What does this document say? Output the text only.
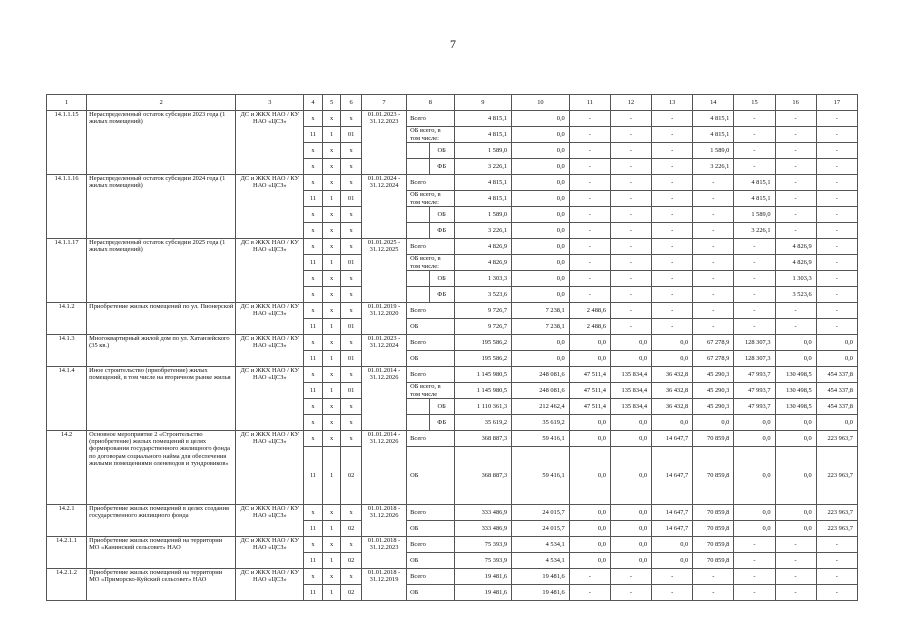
7
1	2	3	4	5	6	7	8		9	10	11	12	13	14	15	16	17
14.1.1.15	Нераспределенный остаток субсидии 2023 года (1 жилых помещений)	ДС и ЖКХ НАО / КУ НАО «ЦСЗ»	х	х	х	01.01.2023 - 31.12.2023	Всего		4 815,1	0,0	-	-	-	4 815,1	-	-	-
			11	1	01		ОБ всего, в том числе:		4 815,1	0,0	-	-	-	4 815,1	-	-	-
			х	х	х			ОБ	1 589,0	0,0	-	-	-	1 589,0	-	-	-
			х	х	х			ФБ	3 226,1	0,0	-	-	-	3 226,1	-	-	-
14.1.1.16	Нераспределенный остаток субсидии 2024 года (1 жилых помещений)	ДС и ЖКХ НАО / КУ НАО «ЦСЗ»	х	х	х	01.01.2024 - 31.12.2024	Всего		4 815,1	0,0	-	-	-	-	4 815,1	-	-
			11	1	01		ОБ всего, в том числе:		4 815,1	0,0	-	-	-	-	4 815,1	-	-
			х	х	х			ОБ	1 589,0	0,0	-	-	-	-	1 589,0	-	-
			х	х	х			ФБ	3 226,1	0,0	-	-	-	-	3 226,1	-	-
14.1.1.17	Нераспределенный остаток субсидии 2025 года (1 жилых помещений)	ДС в ЖКХ НАО / КУ НАО «ЦСЗ»	х	х	х	01.01.2025 - 31.12.2025	Всего		4 826,9	0,0	-	-	-	-	-	4 826,9	-
			11	1	01		ОБ всего, в том числе:		4 826,9	0,0	-	-	-	-	-	4 826,9	-
			х	х	х			ОБ	1 303,3	0,0	-	-	-	-	-	1 303,3	-
			х	х	х			ФБ	3 523,6	0,0	-	-	-	-	-	3 523,6	-
14.1.2	Приобретение жилых помещений по ул. Пионерской	ДС и ЖКХ НАО / КУ НАО «ЦСЗ»	х	х	х	01.01.2019 - 31.12.2020	Всего		9 726,7	7 238,1	2 488,6	-	-	-	-	-	-
			11	1	01		ОБ		9 726,7	7 238,1	2 488,6	-	-	-	-	-	-
14.1.3	Многоквартирный жилой дом по ул. Хатанзейского (35 кв.)	ДС и ЖКХ НАО / КУ НАО «ЦСЗ»	х	х	х	01.01.2023 - 31.12.2024	Всего		195 586,2	0,0	0,0	0,0	0,0	67 278,9	128 307,3	0,0	0,0
			11	1	01		ОБ		195 586,2	0,0	0,0	0,0	0,0	67 278,9	128 307,3	0,0	0,0
14.1.4	Иное строительство (приобретение) жилых помещений, в том числе на вторичном рынке жилья	ДС и ЖКХ НАО / КУ НАО «ЦСЗ»	х	х	х	01.01.2014 - 31.12.2026	Всего		1 145 980,5	248 081,6	47 511,4	135 834,4	36 432,8	45 290,3	47 993,7	130 498,5	454 337,8
			11	1	01		ОБ всего, в том числе		1 145 980,5	248 081,6	47 511,4	135 834,4	36 432,8	45 290,3	47 993,7	130 498,5	454 337,8
			х	х	х			ОБ	1 110 361,3	212 462,4	47 511,4	135 834,4	36 432,8	45 290,3	47 993,7	130 498,5	454 337,8
			х	х	х			ФБ	35 619,2	35 619,2	0,0	0,0	0,0	0,0	0,0	0,0	0,0
14.2	Основное мероприятие 2 «Строительство (приобретение) жилых помещений в целях формирования государственного жилищного фонда по договорам социального найма для обеспечения жилыми помещениями оленеводов и тундровиков»	ДС и ЖКХ НАО / КУ НАО «ЦСЗ»	х	х	х	01.01.2014 - 31.12.2026	Всего		368 887,3	59 416,1	0,0	0,0	14 647,7	70 859,8	0,0	0,0	223 963,7
			11	1	02		ОБ		368 887,3	59 416,1	0,0	0,0	14 647,7	70 859,8	0,0	0,0	223 963,7
14.2.1	Приобретение жилых помещений в целях создания государственного жилищного фонда	ДС и ЖКХ НАО / КУ НАО «ЦСЗ»	х	х	х	01.01.2018 - 31.12.2026	Всего		333 486,9	24 015,7	0,0	0,0	14 647,7	70 859,8	0,0	0,0	223 963,7
			11	1	02		ОБ		333 486,9	24 015,7	0,0	0,0	14 647,7	70 859,8	0,0	0,0	223 963,7
14.2.1.1	Приобретение жилых помещений на территории МО «Канинский сельсовет» НАО	ДС и ЖКХ НАО / КУ НАО «ЦСЗ»	х	х	х	01.01.2018 - 31.12.2023	Всего		75 393,9	4 534,1	0,0	0,0	0,0	70 859,8	-	-	-
			11	1	02		ОБ		75 393,9	4 534,1	0,0	0,0	0,0	70 859,8	-	-	-
14.2.1.2	Приобретение жилых помещений на территории МО «Приморско-Куйский сельсовет» НАО	ДС и ЖКХ НАО / КУ НАО «ЦСЗ»	х	х	х	01.01.2018 - 31.12.2019	Всего		19 481,6	19 481,6	-	-	-	-	-	-	-
			11	1	02		ОБ		19 481,6	19 481,6	-	-	-	-	-	-	-
